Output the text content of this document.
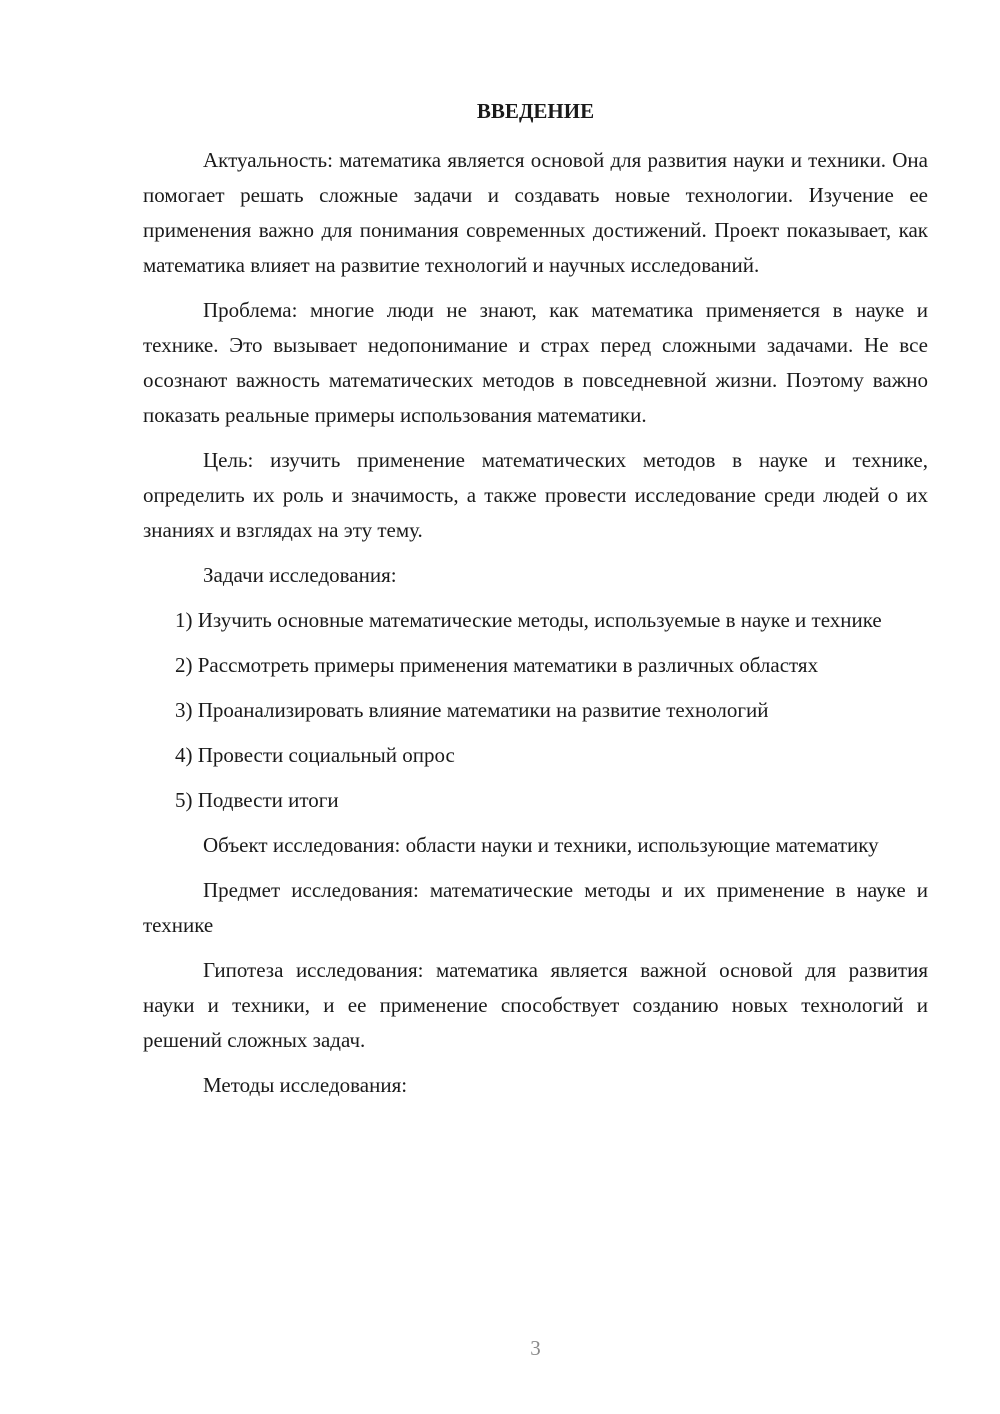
ВВЕДЕНИЕ

Актуальность: математика является основой для развития науки и техники. Она помогает решать сложные задачи и создавать новые технологии. Изучение ее применения важно для понимания современных достижений. Проект показывает, как математика влияет на развитие технологий и научных исследований.

Проблема: многие люди не знают, как математика применяется в науке и технике. Это вызывает недопонимание и страх перед сложными задачами. Не все осознают важность математических методов в повседневной жизни. Поэтому важно показать реальные примеры использования математики.

Цель: изучить применение математических методов в науке и технике, определить их роль и значимость, а также провести исследование среди людей о их знаниях и взглядах на эту тему.

Задачи исследования:

1) Изучить основные математические методы, используемые в науке и технике

2) Рассмотреть примеры применения математики в различных областях

3) Проанализировать влияние математики на развитие технологий

4) Провести социальный опрос

5) Подвести итоги

Объект исследования: области науки и техники, использующие математику

Предмет исследования: математические методы и их применение в науке и технике

Гипотеза исследования: математика является важной основой для развития науки и техники, и ее применение способствует созданию новых технологий и решений сложных задач.

Методы исследования:

3
